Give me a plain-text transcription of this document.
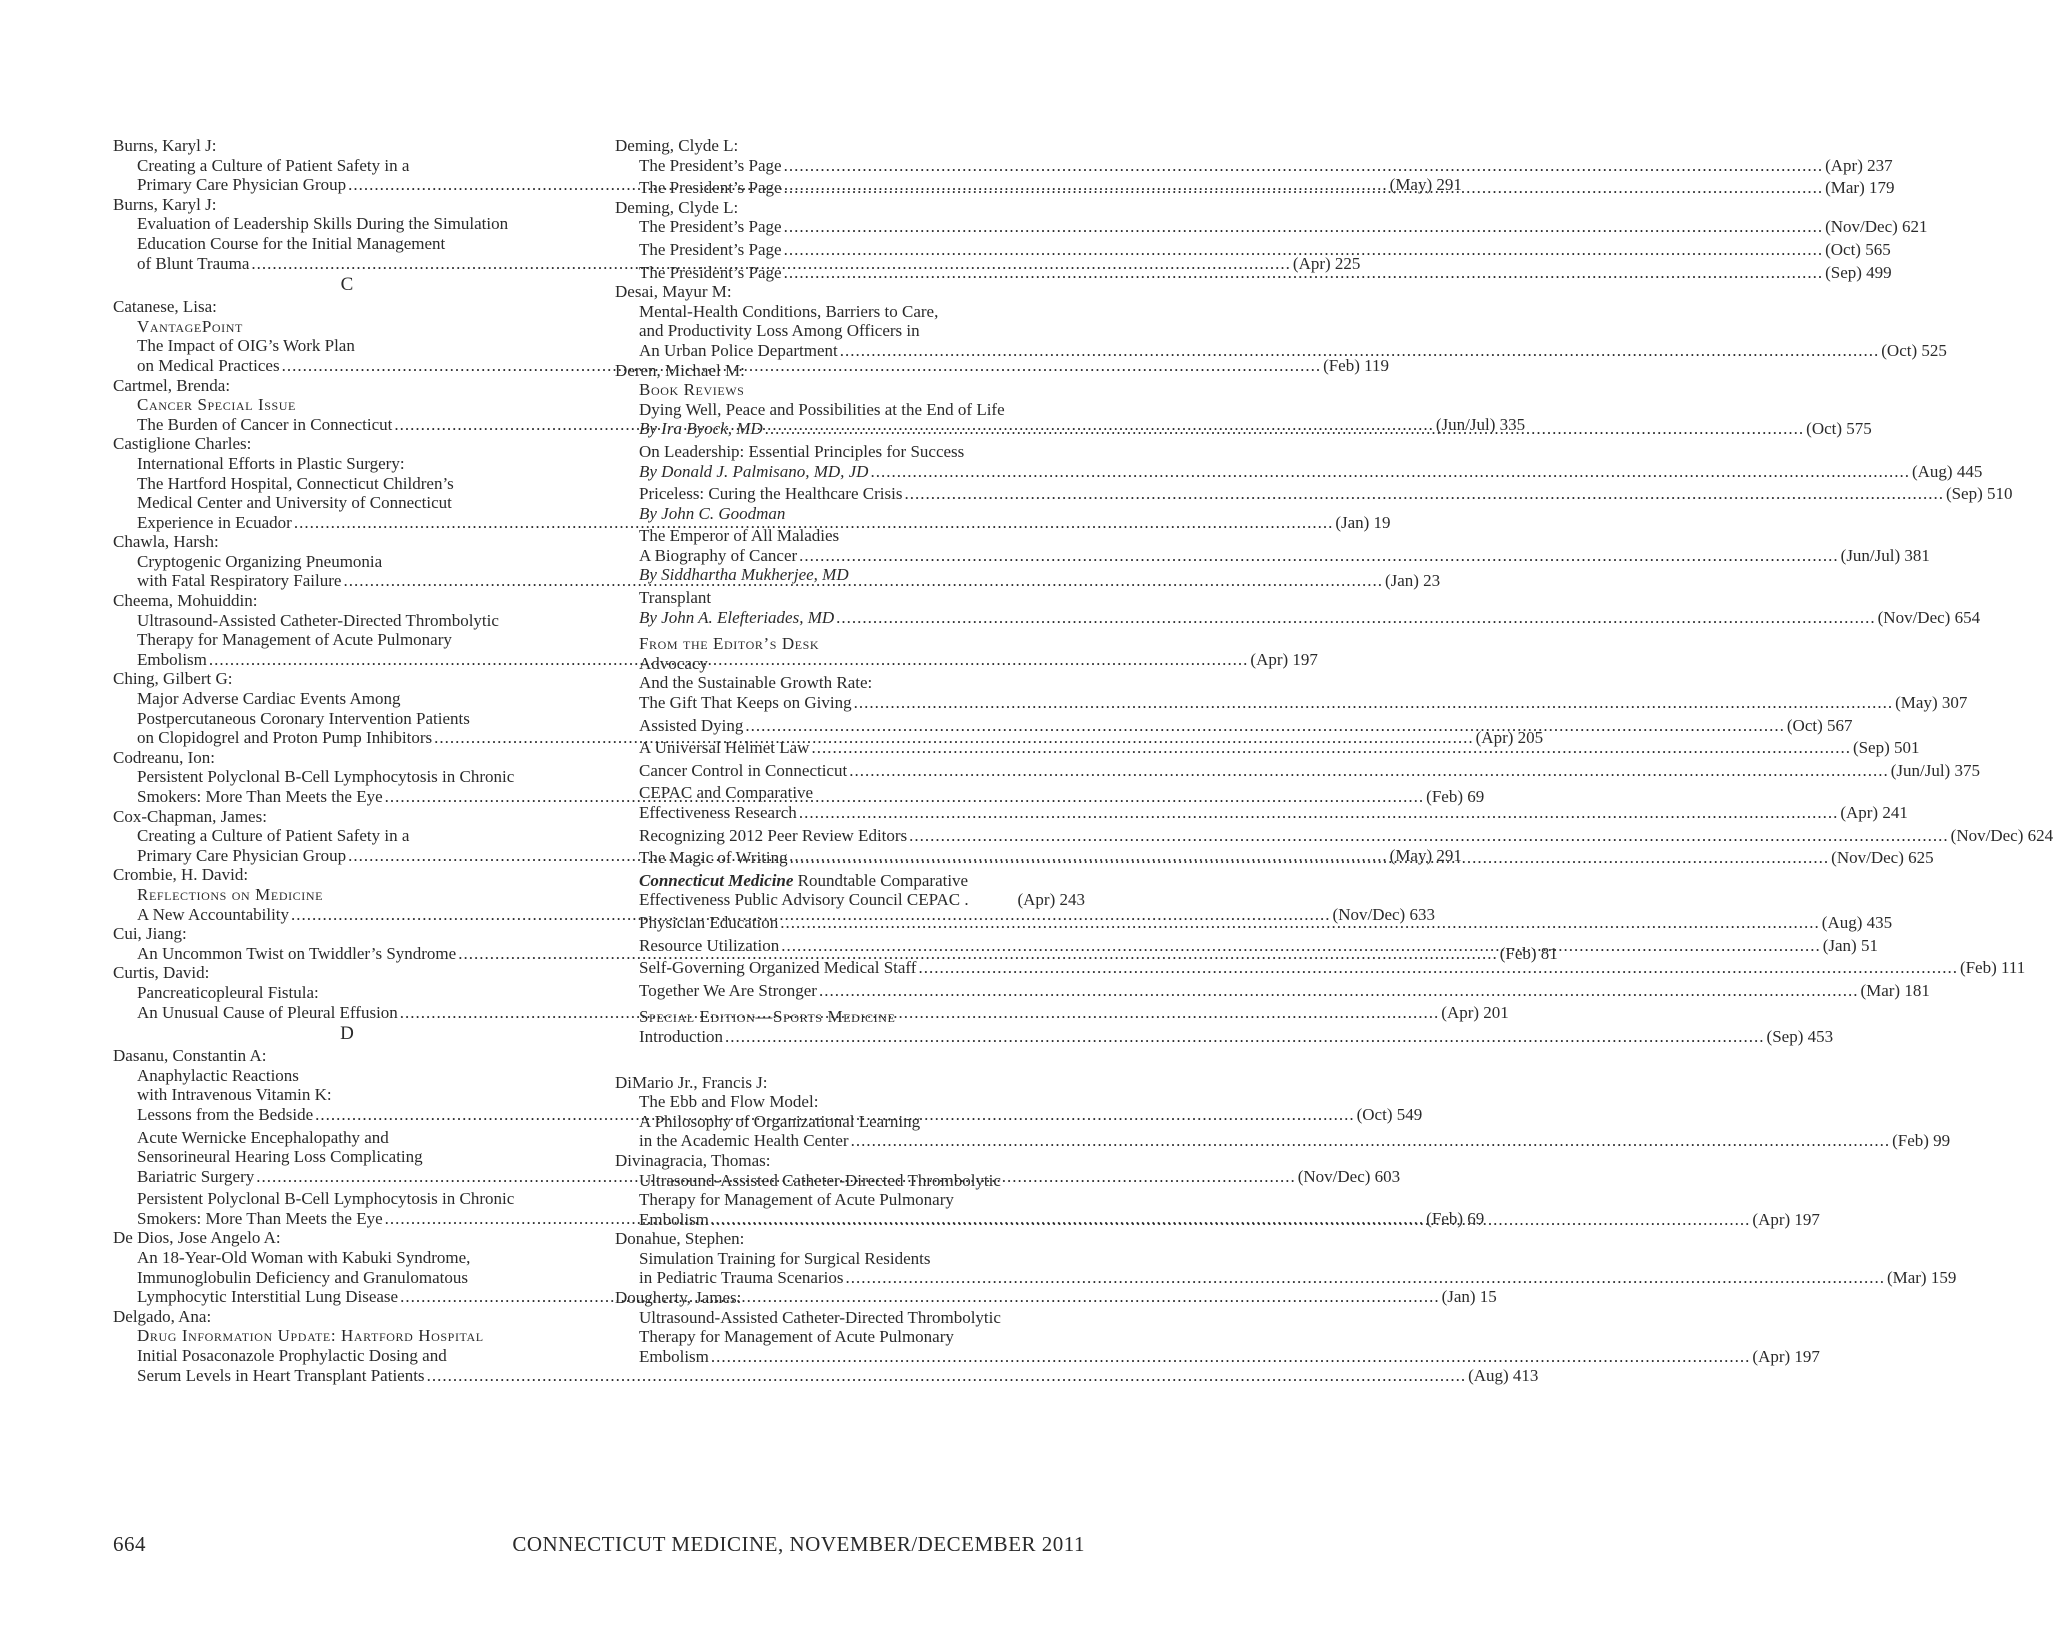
Burns, Karyl J:
Creating a Culture of Patient Safety in a
Primary Care Physician Group .....	(May) 291
Burns, Karyl J:
Evaluation of Leadership Skills During the Simulation
Education Course for the Initial Management
of Blunt Trauma .....	(Apr) 225
C
Catanese, Lisa:
VantagePoint
The Impact of OIG’s Work Plan
on Medical Practices .....	(Feb) 119
Cartmel, Brenda:
Cancer Special Issue
The Burden of Cancer in Connecticut .....	(Jun/Jul) 335
Castiglione Charles:
International Efforts in Plastic Surgery:
The Hartford Hospital, Connecticut Children’s
Medical Center and University of Connecticut
Experience in Ecuador .....	(Jan) 19
Chawla, Harsh:
Cryptogenic Organizing Pneumonia
with Fatal Respiratory Failure .....	(Jan) 23
Cheema, Mohuiddin:
Ultrasound-Assisted Catheter-Directed Thrombolytic
Therapy for Management of Acute Pulmonary
Embolism .....	(Apr) 197
Ching, Gilbert G:
Major Adverse Cardiac Events Among
Postpercutaneous Coronary Intervention Patients
on Clopidogrel and Proton Pump Inhibitors .....	(Apr) 205
Codreanu, Ion:
Persistent Polyclonal B-Cell Lymphocytosis in Chronic
Smokers: More Than Meets the Eye .....	(Feb) 69
Cox-Chapman, James:
Creating a Culture of Patient Safety in a
Primary Care Physician Group .....	(May) 291
Crombie, H. David:
Reflections on Medicine
A New Accountability .....	(Nov/Dec) 633
Cui, Jiang:
An Uncommon Twist on Twiddler’s Syndrome .....	(Feb) 81
Curtis, David:
Pancreaticopleural Fistula:
An Unusual Cause of Pleural Effusion .....	(Apr) 201
D
Dasanu, Constantin A:
Anaphylactic Reactions
with Intravenous Vitamin K:
Lessons from the Bedside .....	(Oct) 549
Acute Wernicke Encephalopathy and
Sensorineural Hearing Loss Complicating
Bariatric Surgery .....	(Nov/Dec) 603
Persistent Polyclonal B-Cell Lymphocytosis in Chronic
Smokers: More Than Meets the Eye .....	(Feb) 69
De Dios, Jose Angelo A:
An 18-Year-Old Woman with Kabuki Syndrome,
Immunoglobulin Deficiency and Granulomatous
Lymphocytic Interstitial Lung Disease .....	(Jan) 15
Delgado, Ana:
Drug Information Update: Hartford Hospital
Initial Posaconazole Prophylactic Dosing and
Serum Levels in Heart Transplant Patients .....	(Aug) 413
Deming, Clyde L:
The President’s Page .....	(Apr) 237
The President’s Page .....	(Mar) 179
Deming, Clyde L:
The President’s Page .....	(Nov/Dec) 621
The President’s Page .....	(Oct) 565
The President’s Page .....	(Sep) 499
Desai, Mayur M:
Mental-Health Conditions, Barriers to Care,
and Productivity Loss Among Officers in
An Urban Police Department .....	(Oct) 525
Deren, Michael M:
Book Reviews
Dying Well, Peace and Possibilities at the End of Life
By Ira Byock, MD .....	(Oct) 575
On Leadership: Essential Principles for Success
By Donald J. Palmisano, MD, JD .....	(Aug) 445
Priceless: Curing the Healthcare Crisis .....	(Sep) 510
By John C. Goodman
The Emperor of All Maladies
A Biography of Cancer .....	(Jun/Jul) 381
By Siddhartha Mukherjee, MD
Transplant
By John A. Elefteriades, MD .....	(Nov/Dec) 654
From the Editor’s Desk
Advocacy
And the Sustainable Growth Rate:
The Gift That Keeps on Giving .....	(May) 307
Assisted Dying .....	(Oct) 567
A Universal Helmet Law .....	(Sep) 501
Cancer Control in Connecticut .....	(Jun/Jul) 375
CEPAC and Comparative
Effectiveness Research .....	(Apr) 241
Recognizing 2012 Peer Review Editors .....	(Nov/Dec) 624
The Magic of Writing .....	(Nov/Dec) 625
Connecticut Medicine Roundtable Comparative
Effectiveness Public Advisory Council CEPAC .	(Apr) 243
Physician Education .....	(Aug) 435
Resource Utilization .....	(Jan) 51
Self-Governing Organized Medical Staff .....	(Feb) 111
Together We Are Stronger .....	(Mar) 181
Special Edition—Sports Medicine
Introduction .....	(Sep) 453
DiMario Jr., Francis J:
The Ebb and Flow Model:
A Philosophy of Organizational Learning
in the Academic Health Center .....	(Feb) 99
Divinagracia, Thomas:
Ultrasound-Assisted Catheter-Directed Thrombolytic
Therapy for Management of Acute Pulmonary
Embolism .....	(Apr) 197
Donahue, Stephen:
Simulation Training for Surgical Residents
in Pediatric Trauma Scenarios .....	(Mar) 159
Dougherty, James:
Ultrasound-Assisted Catheter-Directed Thrombolytic
Therapy for Management of Acute Pulmonary
Embolism .....	(Apr) 197
664	CONNECTICUT MEDICINE, NOVEMBER/DECEMBER 2011
